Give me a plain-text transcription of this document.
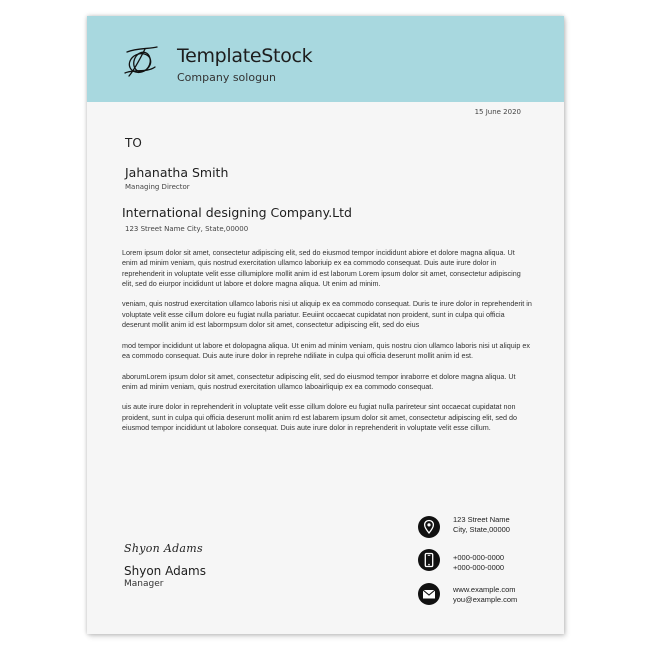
TemplateStock
Company sologun
15 June 2020
TO
Jahanatha Smith
Managing Director
International designing Company.Ltd
123 Street Name City, State,00000

Lorem ipsum dolor sit amet, consectetur adipiscing elit, sed do eiusmod tempor incididunt abiore et dolore magna aliqua. Ut enim ad minim veniam, quis nostrud exercitation ullamco laboriuip ex ea commodo consequat. Duis aute irure dolor in reprehenderit in voluptate velit esse cillumiplore mollit anim id est laborum Lorem ipsum dolor sit amet, consectetur adipiscing elit, sed do eiurpor incididunt ut labore et dolore magna aliqua. Ut enim ad minim.

veniam, quis nostrud exercitation ullamco laboris nisi ut aliquip ex ea commodo consequat. Duris te irure dolor in reprehenderit in voluptate velit esse cillum dolore eu fugiat nulla pariatur. Eeuiint occaecat cupidatat non proident, sunt in culpa qui officia deserunt mollit anim id est labormpsum dolor sit amet, consectetur adipiscing elit, sed do eius

mod tempor incididunt ut labore et dolopagna aliqua. Ut enim ad minim veniam, quis nostru cion ullamco laboris nisi ut aliquip ex ea commodo consequat. Duis aute irure dolor in reprehe ndiliate in culpa qui officia deserunt mollit anim id est.

aborumLorem ipsum dolor sit amet, consectetur adipiscing elit, sed do eiusmod tempor inraborre et dolore magna aliqua. Ut enim ad minim veniam, quis nostrud exercitation ullamco laboairliquip ex ea commodo consequat.

uis aute irure dolor in reprehenderit in voluptate velit esse cillum dolore eu fugiat nulla parireteur sint occaecat cupidatat non proident, sunt in culpa qui officia deserunt mollit anim rd est labarem ipsum dolor sit amet, consectetur adipiscing elit, sed do eiusmod tempor incididunt ut labolore consequat. Duis aute irure dolor in reprehenderit in voluptate velit esse cillum.

Shyon Adams
Shyon Adams
Manager
123 Street Name
City, State,00000
+000-000-0000
+000-000-0000
www.example.com
you@example.com
